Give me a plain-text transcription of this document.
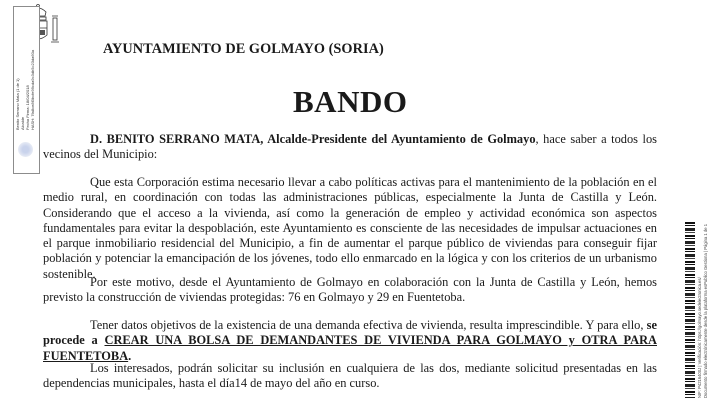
Benito Serrano Mata (1 de 1) Alcalde Fecha Firma: 18/04/2018 HASH: 7fa8ce8f3bcfe99cda9c3db5c23da60a
AYUNTAMIENTO DE GOLMAYO (SORIA)
BANDO

D. BENITO SERRANO MATA, Alcalde-Presidente del Ayuntamiento de Golmayo, hace saber a todos los vecinos del Municipio:

Que esta Corporación estima necesario llevar a cabo políticas activas para el mantenimiento de la población en el medio rural, en coordinación con todas las administraciones públicas, especialmente la Junta de Castilla y León. Considerando que el acceso a la vivienda, así como la generación de empleo y actividad económica son aspectos fundamentales para evitar la despoblación, este Ayuntamiento es consciente de las necesidades de impulsar actuaciones en el parque inmobiliario residencial del Municipio, a fin de aumentar el parque público de viviendas para conseguir fijar población y potenciar la emancipación de los jóvenes, todo ello enmarcado en la lógica y con los criterios de un urbanismo sostenible.

Por este motivo, desde el Ayuntamiento de Golmayo en colaboración con la Junta de Castilla y León, hemos previsto la construcción de viviendas protegidas: 76 en Golmayo y 29 en Fuentetoba.

Tener datos objetivos de la existencia de una demanda efectiva de vivienda, resulta imprescindible. Y para ello, se procede a CREAR UNA BOLSA DE DEMANDANTES DE VIVIENDA PARA GOLMAYO y OTRA PARA FUENTETOBA.

Los interesados, podrán solicitar su inclusión en cualquiera de las dos, mediante solicitud presentadas en las dependencias municipales, hasta el día14 de mayo del año en curso.	NIF: P4216400J | Verificación: https://golmayo.sedelectronica.es/ Documento firmado electrónicamente desde la plataforma esPublico Gestiona | Página 1 de 1
